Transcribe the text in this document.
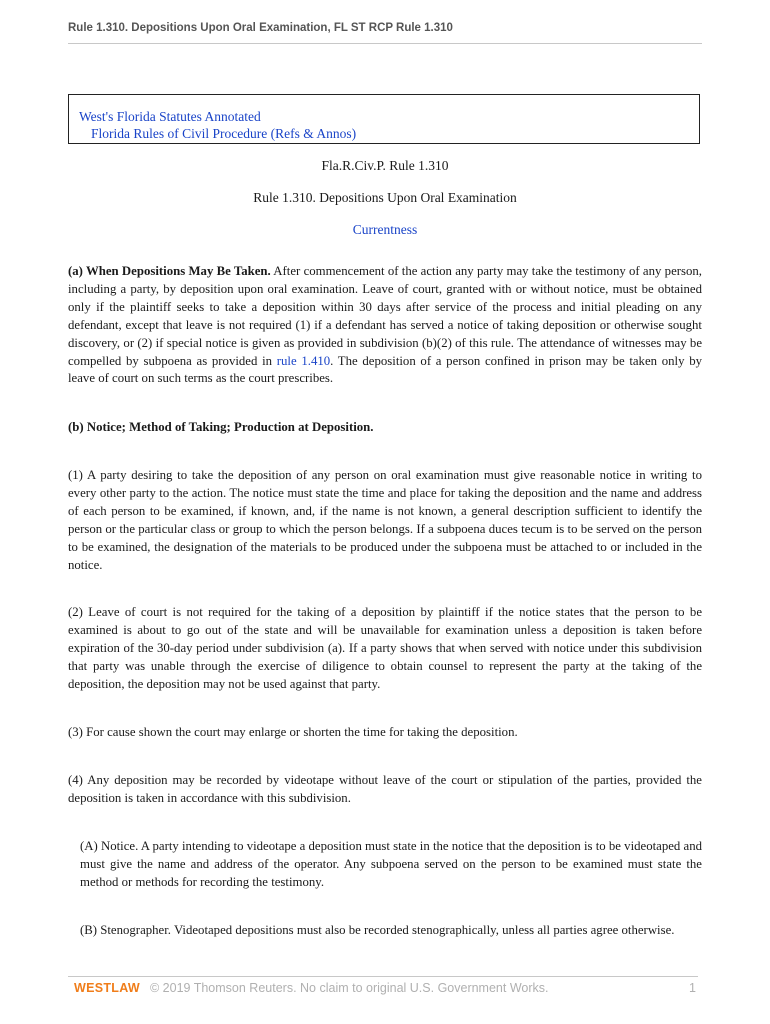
Rule 1.310. Depositions Upon Oral Examination, FL ST RCP Rule 1.310
West's Florida Statutes Annotated
Florida Rules of Civil Procedure (Refs & Annos)
Fla.R.Civ.P. Rule 1.310
Rule 1.310. Depositions Upon Oral Examination
Currentness

(a) When Depositions May Be Taken. After commencement of the action any party may take the testimony of any person, including a party, by deposition upon oral examination. Leave of court, granted with or without notice, must be obtained only if the plaintiff seeks to take a deposition within 30 days after service of the process and initial pleading on any defendant, except that leave is not required (1) if a defendant has served a notice of taking deposition or otherwise sought discovery, or (2) if special notice is given as provided in subdivision (b)(2) of this rule. The attendance of witnesses may be compelled by subpoena as provided in rule 1.410. The deposition of a person confined in prison may be taken only by leave of court on such terms as the court prescribes.

(b) Notice; Method of Taking; Production at Deposition.

(1) A party desiring to take the deposition of any person on oral examination must give reasonable notice in writing to every other party to the action. The notice must state the time and place for taking the deposition and the name and address of each person to be examined, if known, and, if the name is not known, a general description sufficient to identify the person or the particular class or group to which the person belongs. If a subpoena duces tecum is to be served on the person to be examined, the designation of the materials to be produced under the subpoena must be attached to or included in the notice.

(2) Leave of court is not required for the taking of a deposition by plaintiff if the notice states that the person to be examined is about to go out of the state and will be unavailable for examination unless a deposition is taken before expiration of the 30-day period under subdivision (a). If a party shows that when served with notice under this subdivision that party was unable through the exercise of diligence to obtain counsel to represent the party at the taking of the deposition, the deposition may not be used against that party.

(3) For cause shown the court may enlarge or shorten the time for taking the deposition.

(4) Any deposition may be recorded by videotape without leave of the court or stipulation of the parties, provided the deposition is taken in accordance with this subdivision.

(A) Notice. A party intending to videotape a deposition must state in the notice that the deposition is to be videotaped and must give the name and address of the operator. Any subpoena served on the person to be examined must state the method or methods for recording the testimony.

(B) Stenographer. Videotaped depositions must also be recorded stenographically, unless all parties agree otherwise.

WESTLAW © 2019 Thomson Reuters. No claim to original U.S. Government Works.	1
